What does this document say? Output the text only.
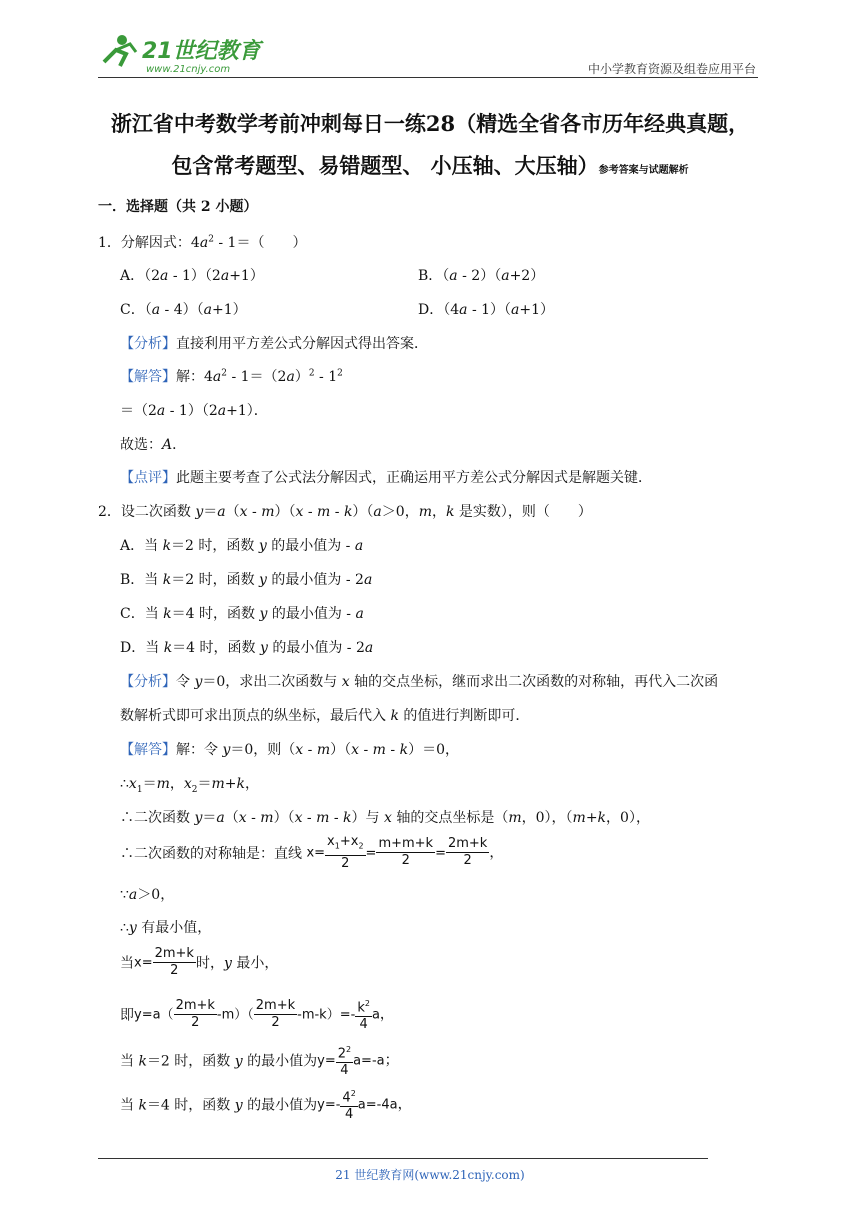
21世纪教育
www.21cnjy.com	中小学教育资源及组卷应用平台
浙江省中考数学考前冲刺每日一练28（精选全省各市历年经典真题，
包含常考题型、易错题型、 小压轴、大压轴）参考答案与试题解析
一．选择题（共 2 小题）
1．分解因式：$4a^2 - 1=$（　　）
A．（2a - 1）（2a+1）	B．（a - 2）（a+2）
C．（a - 4）（a+1）	D．（4a - 1）（a+1）
【分析】直接利用平方差公式分解因式得出答案．
【解答】解：$4a^2 - 1=(2a)^2 - 1^2$
＝（2a - 1）（2a+1）．
故选：A．
【点评】此题主要考查了公式法分解因式，正确运用平方差公式分解因式是解题关键．
2．设二次函数 y＝a（x - m）（x - m - k）（a＞0，m，k 是实数），则（　　）
A．当 k＝2 时，函数 y 的最小值为 - a
B．当 k＝2 时，函数 y 的最小值为 - 2a
C．当 k＝4 时，函数 y 的最小值为 - a
D．当 k＝4 时，函数 y 的最小值为 - 2a
【分析】令 y＝0，求出二次函数与 x 轴的交点坐标，继而求出二次函数的对称轴，再代入二次函
数解析式即可求出顶点的纵坐标，最后代入 k 的值进行判断即可．
【解答】解：令 y＝0，则（x - m）（x - m - k）＝0，
$\therefore x_1=m$，$x_2=m+k$，
∴二次函数 y＝a（x - m）（x - m - k）与 x 轴的交点坐标是（m，0），（m+k，0），
∴二次函数的对称轴是：直线 $x= \frac{x_1+x_2}{2} = \frac{m+m+k}{2} = \frac{2m+k}{2}$ ，
∵a＞0，
∴y 有最小值，
当$x= \frac{2m+k}{2}$ 时，y 最小，
即$y=a( \frac{2m+k}{2} -m)( \frac{2m+k}{2} -m-k)=- \frac{k^2}{4}$ a，
当 k＝2 时，函数 y 的最小值为$y= \frac{2^2}{4} a=-a$；
当 k＝4 时，函数 y 的最小值为$y=- \frac{4^2}{4} a=-4a$，
21 世纪教育网(www.21cnjy.com)
